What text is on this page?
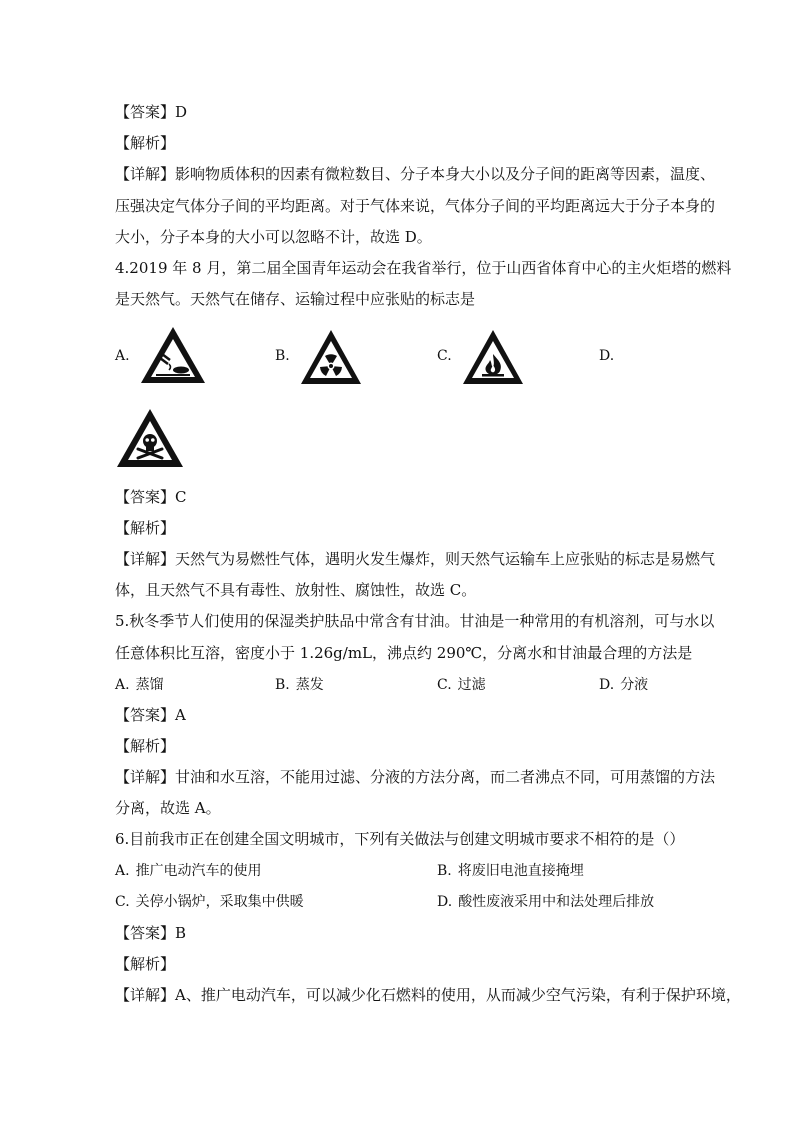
【答案】D
【解析】
【详解】影响物质体积的因素有微粒数目、分子本身大小以及分子间的距离等因素，温度、
压强决定气体分子间的平均距离。对于气体来说，气体分子间的平均距离远大于分子本身的
大小，分子本身的大小可以忽略不计，故选 D。
4.2019 年 8 月，第二届全国青年运动会在我省举行，位于山西省体育中心的主火炬塔的燃料
是天然气。天然气在储存、运输过程中应张贴的标志是
A.	B.	C.	D.
【答案】C
【解析】
【详解】天然气为易燃性气体，遇明火发生爆炸，则天然气运输车上应张贴的标志是易燃气
体，且天然气不具有毒性、放射性、腐蚀性，故选 C。
5.秋冬季节人们使用的保湿类护肤品中常含有甘油。甘油是一种常用的有机溶剂，可与水以
任意体积比互溶，密度小于 1.26g/mL，沸点约 290℃，分离水和甘油最合理的方法是
A. 蒸馏	B. 蒸发	C. 过滤	D. 分液
【答案】A
【解析】
【详解】甘油和水互溶，不能用过滤、分液的方法分离，而二者沸点不同，可用蒸馏的方法
分离，故选 A。
6.目前我市正在创建全国文明城市，下列有关做法与创建文明城市要求不相符的是（）
A. 推广电动汽车的使用	B. 将废旧电池直接掩埋
C. 关停小锅炉，采取集中供暖	D. 酸性废液采用中和法处理后排放
【答案】B
【解析】
【详解】A、推广电动汽车，可以减少化石燃料的使用，从而减少空气污染，有利于保护环境，
